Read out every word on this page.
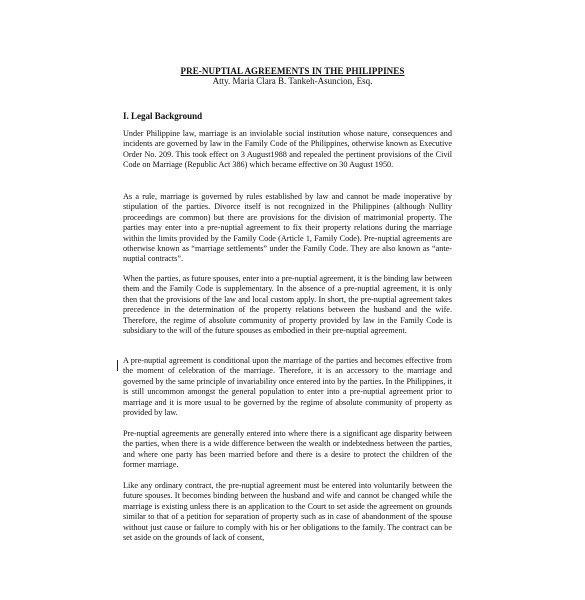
PRE-NUPTIAL AGREEMENTS IN THE PHILIPPINES
Atty. Maria Clara B. Tankeh-Asuncion, Esq.
I. Legal Background

Under Philippine law, marriage is an inviolable social institution whose nature, consequences and incidents are governed by law in the Family Code of the Philippines, otherwise known as Executive Order No. 209. This took effect on 3 August1988 and repealed the pertinent provisions of the Civil Code on Marriage (Republic Act 386) which became effective on 30 August 1950.

As a rule, marriage is governed by rules established by law and cannot be made inoperative by stipulation of the parties. Divorce itself is not recognized in the Philippines (although Nullity proceedings are common) but there are provisions for the division of matrimonial property. The parties may enter into a pre-nuptial agreement to fix their property relations during the marriage within the limits provided by the Family Code (Article 1, Family Code). Pre-nuptial agreements are otherwise known as “marriage settlements” under the Family Code. They are also known as “ante-nuptial contracts”.

When the parties, as future spouses, enter into a pre-nuptial agreement, it is the binding law between them and the Family Code is supplementary. In the absence of a pre-nuptial agreement, it is only then that the provisions of the law and local custom apply. In short, the pre-nuptial agreement takes precedence in the determination of the property relations between the husband and the wife. Therefore, the regime of absolute community of property provided by law in the Family Code is subsidiary to the will of the future spouses as embodied in their pre-nuptial agreement.

A pre-nuptial agreement is conditional upon the marriage of the parties and becomes effective from the moment of celebration of the marriage. Therefore, it is an accessory to the marriage and governed by the same principle of invariability once entered into by the parties. In the Philippines, it is still uncommon amongst the general population to enter into a pre-nuptial agreement prior to marriage and it is more usual to be governed by the regime of absolute community of property as provided by law.

Pre-nuptial agreements are generally entered into where there is a significant age disparity between the parties, when there is a wide difference between the wealth or indebtedness between the parties, and where one party has been married before and there is a desire to protect the children of the former marriage.

Like any ordinary contract, the pre-nuptial agreement must be entered into voluntarily between the future spouses. It becomes binding between the husband and wife and cannot be changed while the marriage is existing unless there is an application to the Court to set aside the agreement on grounds similar to that of a petition for separation of property such as in case of abandonment of the spouse without just cause or failure to comply with his or her obligations to the family. The contract can be set aside on the grounds of lack of consent,
